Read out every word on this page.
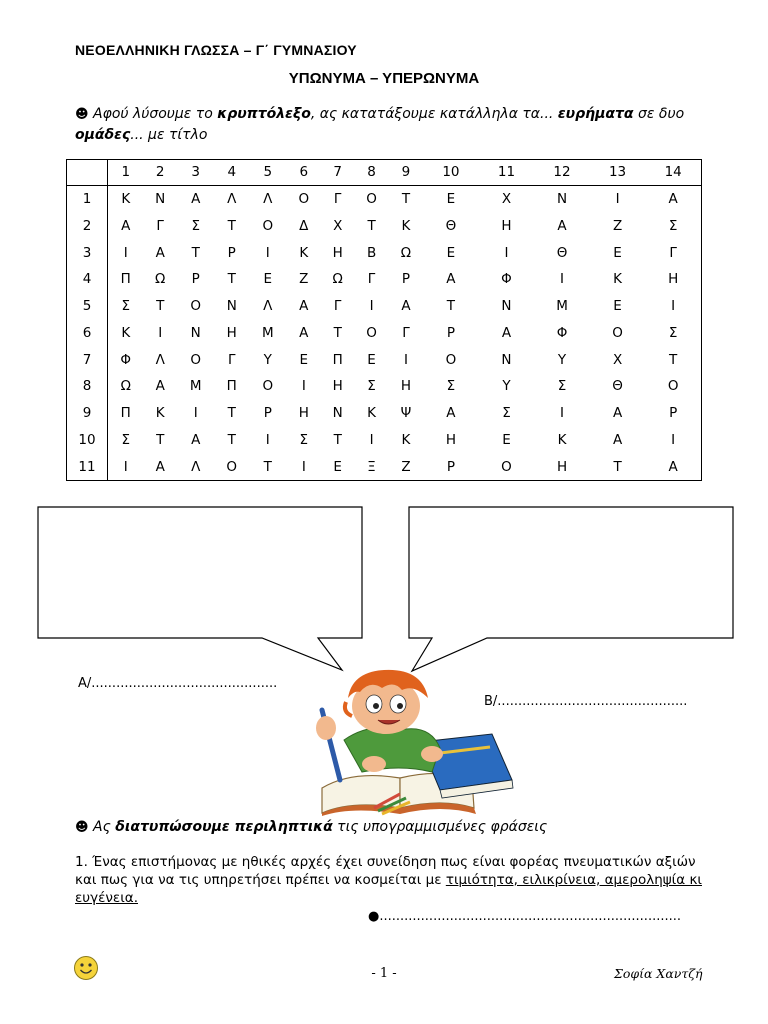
ΝΕΟΕΛΛΗΝΙΚΗ ΓΛΩΣΣΑ – Γ΄ ΓΥΜΝΑΣΙΟΥ
ΥΠΩΝΥΜΑ – ΥΠΕΡΩΝΥΜΑ
☻ Αφού λύσουμε το κρυπτόλεξο, ας κατατάξουμε κατάλληλα τα... ευρήματα σε δυο ομάδες... με τίτλο
	1	2	3	4	5	6	7	8	9	10	11	12	13	14
1	Κ	Ν	Α	Λ	Λ	Ο	Γ	Ο	Τ	Ε	Χ	Ν	Ι	Α
2	Α	Γ	Σ	Τ	Ο	Δ	Χ	Τ	Κ	Θ	Η	Α	Ζ	Σ
3	Ι	Α	Τ	Ρ	Ι	Κ	Η	Β	Ω	Ε	Ι	Θ	Ε	Γ
4	Π	Ω	Ρ	Τ	Ε	Ζ	Ω	Γ	Ρ	Α	Φ	Ι	Κ	Η
5	Σ	Τ	Ο	Ν	Λ	Α	Γ	Ι	Α	Τ	Ν	Μ	Ε	Ι
6	Κ	Ι	Ν	Η	Μ	Α	Τ	Ο	Γ	Ρ	Α	Φ	Ο	Σ
7	Φ	Λ	Ο	Γ	Υ	Ε	Π	Ε	Ι	Ο	Ν	Υ	Χ	Τ
8	Ω	Α	Μ	Π	Ο	Ι	Η	Σ	Η	Σ	Υ	Σ	Θ	Ο
9	Π	Κ	Ι	Τ	Ρ	Η	Ν	Κ	Ψ	Α	Σ	Ι	Α	Ρ
10	Σ	Τ	Α	Τ	Ι	Σ	Τ	Ι	Κ	Η	Ε	Κ	Α	Ι
11	Ι	Α	Λ	Ο	Τ	Ι	Ε	Ξ	Ζ	Ρ	Ο	Η	Τ	Α
Α/.............................................
Β/..............................................
☻ Ας διατυπώσουμε περιληπτικά τις υπογραμμισμένες φράσεις
1. Ένας επιστήμονας με ηθικές αρχές έχει συνείδηση πως είναι φορέας πνευματικών αξιών και πως για να τις υπηρετήσει πρέπει να κοσμείται με τιμιότητα, ειλικρίνεια, αμεροληψία κι ευγένεια.
●.........................................................................
- 1 -	Σοφία Χαντζή
